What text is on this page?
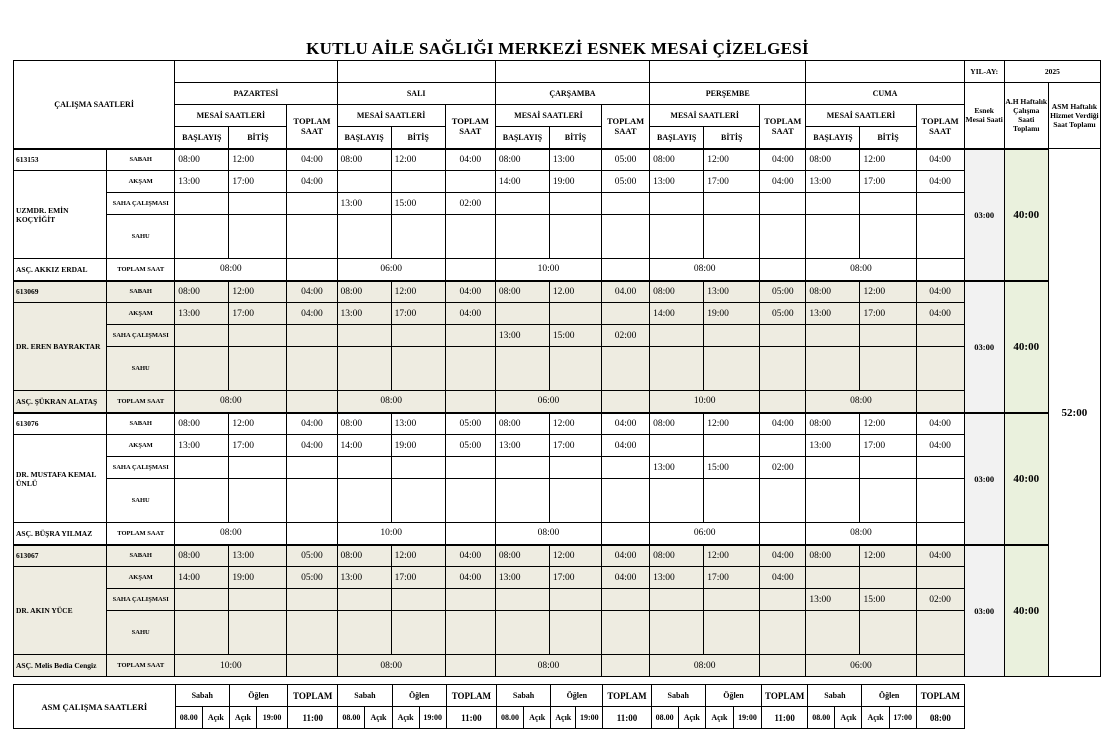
KUTLU AİLE SAĞLIĞI MERKEZİ ESNEK MESAİ ÇİZELGESİ
ÇALIŞMA SAATLERİ																	YIL-AY:	2025	
		PAZARTESİ			SALI			ÇARŞAMBA			PERŞEMBE			CUMA			Esnek Mesai Saati	A.H Haftalık Çalışma Saati Toplamı	ASM Haftalık Hizmet Verdiği Saat Toplamı
		MESAİ SAATLERİ		TOPLAM SAAT	MESAİ SAATLERİ		TOPLAM SAAT	MESAİ SAATLERİ		TOPLAM SAAT	MESAİ SAATLERİ		TOPLAM SAAT	MESAİ SAATLERİ		TOPLAM SAAT			
		BAŞLAYIŞ	BİTİŞ		BAŞLAYIŞ	BİTİŞ		BAŞLAYIŞ	BİTİŞ		BAŞLAYIŞ	BİTİŞ		BAŞLAYIŞ	BİTİŞ				
613153	SABAH	08:00	12:00	04:00	08:00	12:00	04:00	08:00	13:00	05:00	08:00	12:00	04:00	08:00	12:00	04:00	03:00	40:00	52:00
UZMDR. EMİN KOÇYİĞİT	AKŞAM	13:00	17:00	04:00				14:00	19:00	05:00	13:00	17:00	04:00	13:00	17:00	04:00			
	SAHA ÇALIŞMASI				13:00	15:00	02:00												
	SAHU																		
ASÇ. AKKIZ ERDAL	TOPLAM SAAT	08:00			06:00			10:00			08:00			08:00					
613069	SABAH	08:00	12:00	04:00	08:00	12:00	04:00	08:00	12.00	04.00	08:00	13:00	05:00	08:00	12:00	04:00	03:00	40:00	
DR. EREN BAYRAKTAR	AKŞAM	13:00	17:00	04:00	13:00	17:00	04:00				14:00	19:00	05:00	13:00	17:00	04:00			
	SAHA ÇALIŞMASI							13:00	15:00	02:00									
	SAHU																		
ASÇ. ŞÜKRAN ALATAŞ	TOPLAM SAAT	08:00			08:00			06:00			10:00			08:00					
613076	SABAH	08:00	12:00	04:00	08:00	13:00	05:00	08:00	12:00	04:00	08:00	12:00	04:00	08:00	12:00	04:00	03:00	40:00	
DR. MUSTAFA KEMAL ÜNLÜ	AKŞAM	13:00	17:00	04:00	14:00	19:00	05:00	13:00	17:00	04:00				13:00	17:00	04:00			
	SAHA ÇALIŞMASI										13:00	15:00	02:00						
	SAHU																		
ASÇ. BÜŞRA YILMAZ	TOPLAM SAAT	08:00			10:00			08:00			06:00			08:00					
613067	SABAH	08:00	13:00	05:00	08:00	12:00	04:00	08:00	12:00	04:00	08:00	12:00	04:00	08:00	12:00	04:00	03:00	40:00	
DR. AKIN YÜCE	AKŞAM	14:00	19:00	05:00	13:00	17:00	04:00	13:00	17:00	04:00	13:00	17:00	04:00						
	SAHA ÇALIŞMASI													13:00	15:00	02:00			
	SAHU																		
ASÇ. Melis Bedia Cengiz	TOPLAM SAAT	10:00			08:00			08:00			08:00			06:00					
ASM ÇALIŞMA SAATLERİ	Sabah		Öğlen		TOPLAM	Sabah		Öğlen		TOPLAM	Sabah		Öğlen		TOPLAM	Sabah		Öğlen		TOPLAM	Sabah		Öğlen		TOPLAM
	08.00	Açık	Açık	19:00	11:00	08.00	Açık	Açık	19:00	11:00	08.00	Açık	Açık	19:00	11:00	08.00	Açık	Açık	19:00	11:00	08.00	Açık	Açık	17:00	08:00
